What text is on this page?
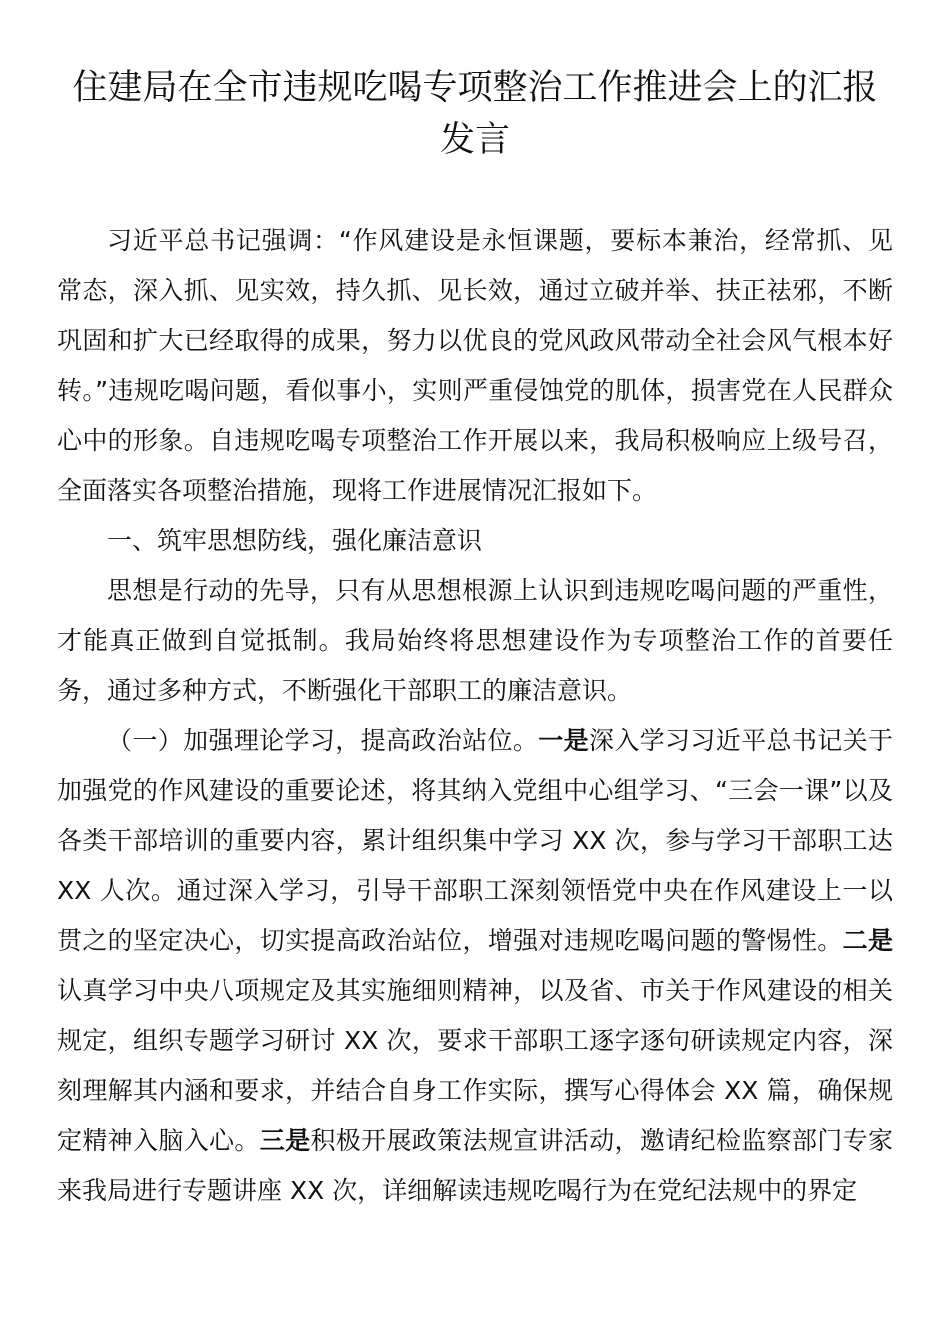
住建局在全市违规吃喝专项整治工作推进会上的汇报发言

习近平总书记强调：“作风建设是永恒课题，要标本兼治，经常抓、见常态，深入抓、见实效，持久抓、见长效，通过立破并举、扶正祛邪，不断巩固和扩大已经取得的成果，努力以优良的党风政风带动全社会风气根本好转。”违规吃喝问题，看似事小，实则严重侵蚀党的肌体，损害党在人民群众心中的形象。自违规吃喝专项整治工作开展以来，我局积极响应上级号召，全面落实各项整治措施，现将工作进展情况汇报如下。

一、筑牢思想防线，强化廉洁意识

思想是行动的先导，只有从思想根源上认识到违规吃喝问题的严重性，才能真正做到自觉抵制。我局始终将思想建设作为专项整治工作的首要任务，通过多种方式，不断强化干部职工的廉洁意识。

（一）加强理论学习，提高政治站位。一是深入学习习近平总书记关于加强党的作风建设的重要论述，将其纳入党组中心组学习、“三会一课”以及各类干部培训的重要内容，累计组织集中学习 XX 次，参与学习干部职工达 XX 人次。通过深入学习，引导干部职工深刻领悟党中央在作风建设上一以贯之的坚定决心，切实提高政治站位，增强对违规吃喝问题的警惕性。二是认真学习中央八项规定及其实施细则精神，以及省、市关于作风建设的相关规定，组织专题学习研讨 XX 次，要求干部职工逐字逐句研读规定内容，深刻理解其内涵和要求，并结合自身工作实际，撰写心得体会 XX 篇，确保规定精神入脑入心。三是积极开展政策法规宣讲活动，邀请纪检监察部门专家来我局进行专题讲座 XX 次，详细解读违规吃喝行为在党纪法规中的界定
